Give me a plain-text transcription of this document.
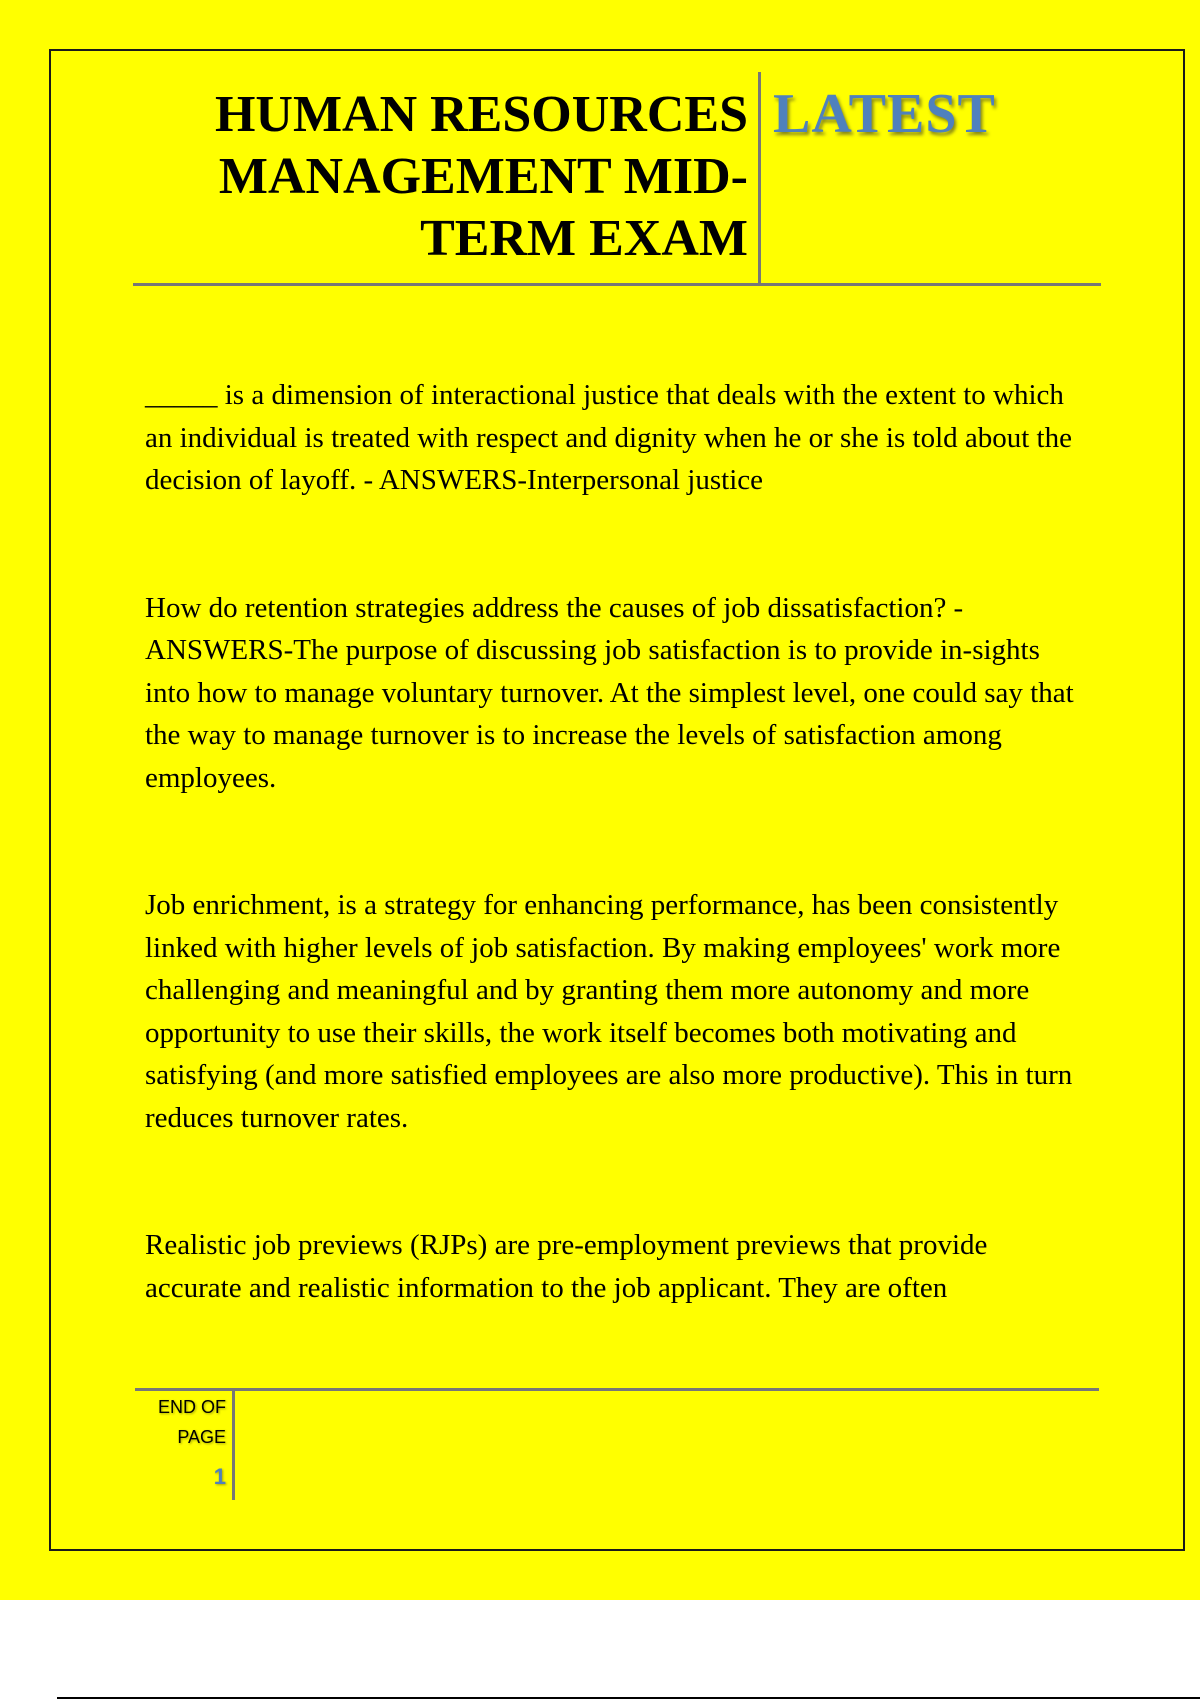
HUMAN RESOURCES
MANAGEMENT MID-
TERM EXAM
LATEST

_____ is a dimension of interactional justice that deals with the extent to which an individual is treated with respect and dignity when he or she is told about the decision of layoff. - ANSWERS-Interpersonal justice

How do retention strategies address the causes of job dissatisfaction? - ANSWERS-The purpose of discussing job satisfaction is to provide in-sights into how to manage voluntary turnover. At the simplest level, one could say that the way to manage turnover is to increase the levels of satisfaction among employees.

Job enrichment, is a strategy for enhancing performance, has been consistently linked with higher levels of job satisfaction. By making employees' work more challenging and meaningful and by granting them more autonomy and more opportunity to use their skills, the work itself becomes both motivating and satisfying (and more satisfied employees are also more productive). This in turn reduces turnover rates.

Realistic job previews (RJPs) are pre-employment previews that provide accurate and realistic information to the job applicant. They are often

END OF
PAGE
1
